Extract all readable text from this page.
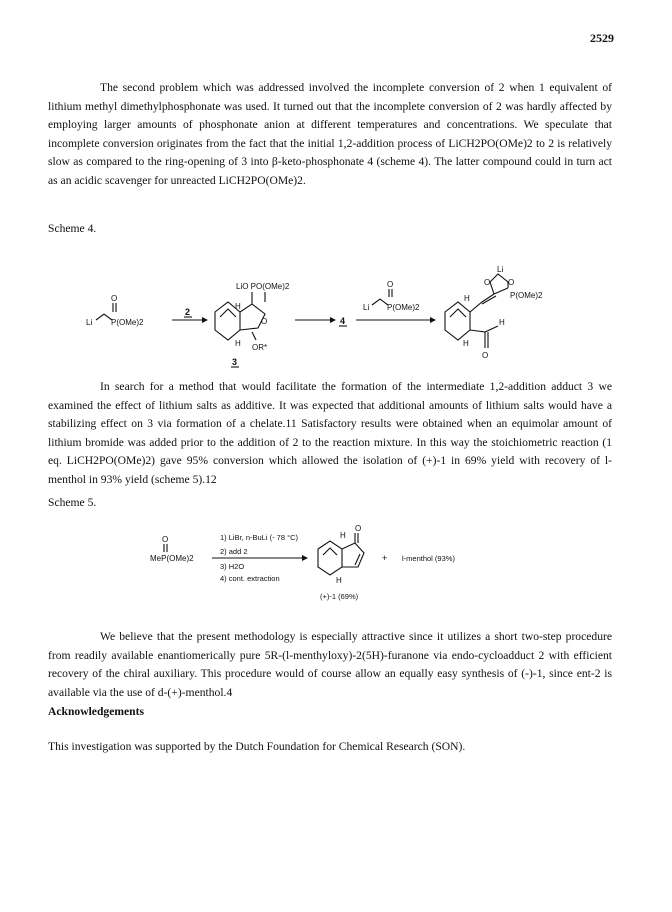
2529

The second problem which was addressed involved the incomplete conversion of 2 when 1 equivalent of lithium methyl dimethylphosphonate was used. It turned out that the incomplete conversion of 2 was hardly affected by employing larger amounts of phosphonate anion at different temperatures and concentrations. We speculate that incomplete conversion originates from the fact that the initial 1,2-addition process of LiCH2PO(OMe)2 to 2 is relatively slow as compared to the ring-opening of 3 into β-keto-phosphonate 4 (scheme 4). The latter compound could in turn act as an acidic scavenger for unreacted LiCH2PO(OMe)2.

Scheme 4.

Li
O
P(OMe)2
2
LiO PO(OMe)2
H
H
O
OR*
3
4
Li
O
P(OMe)2
Li
O O
P(OMe)2
H
H
H
O

In search for a method that would facilitate the formation of the intermediate 1,2-addition adduct 3 we examined the effect of lithium salts as additive. It was expected that additional amounts of lithium salts would have a stabilizing effect on 3 via formation of a chelate.11 Satisfactory results were obtained when an equimolar amount of lithium bromide was added prior to the addition of 2 to the reaction mixture. In this way the stoichiometric reaction (1 eq. LiCH2PO(OMe)2) gave 95% conversion which allowed the isolation of (+)-1 in 69% yield with recovery of l-menthol in 93% yield (scheme 5).12

Scheme 5.

MeP(OMe)2
O	1) LiBr, n-BuLi (- 78 °C)
2) add 2
3) H2O
4) cont. extraction
O
H
H
+ l-menthol (93%)
(+)-1 (69%)

We believe that the present methodology is especially attractive since it utilizes a short two-step procedure from readily available enantiomerically pure 5R-(l-menthyloxy)-2(5H)-furanone via endo-cycloadduct 2 with efficient recovery of the chiral auxiliary. This procedure would of course allow an equally easy synthesis of (-)-1, since ent-2 is available via the use of d-(+)-menthol.4

Acknowledgements

This investigation was supported by the Dutch Foundation for Chemical Research (SON).
